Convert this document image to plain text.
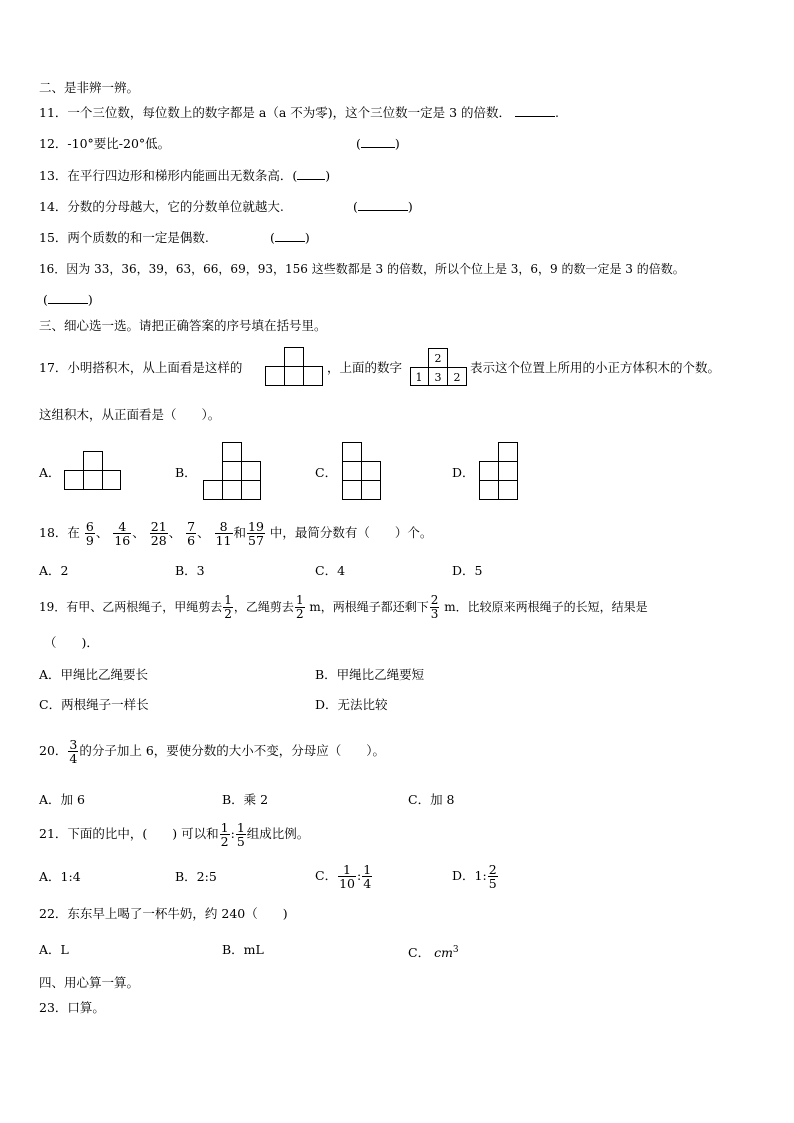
二、是非辨一辨。
11．一个三位数，每位数上的数字都是 a（a 不为零)，这个三位数一定是 3 的倍数．	.
12．-10°要比-20°低。	(	)
13．在平行四边形和梯形内能画出无数条高．( )
14．分数的分母越大，它的分数单位就越大.	(	)
15．两个质数的和一定是偶数.	( )
16．因为 33，36，39，63，66，69，93，156 这些数都是 3 的倍数，所以个位上是 3，6，9 的数一定是 3 的倍数。
(	)
三、细心选一选。请把正确答案的序号填在括号里。
17．小明搭积木，从上面看是这样的	，上面的数字
2
1 3 2
表示这个位置上所用的小正方体积木的个数。
这组积木，从正面看是（　　）。
A．	B．	C．	D．
18．在 $\frac{6}{9}$ 、 $\frac{4}{16}$ 、 $\frac{21}{28}$ 、 $\frac{7}{6}$ 、 $\frac{8}{11}$ 和 $\frac{19}{57}$ 中，最简分数有（　　）个。
A．2	B．3	C．4	D．5
19．有甲、乙两根绳子，甲绳剪去 $\frac{1}{2}$ ，乙绳剪去 $\frac{1}{2}$ m，两根绳子都还剩下 $\frac{2}{3}$ m．比较原来两根绳子的长短，结果是
（　　)．
A．甲绳比乙绳要长	B．甲绳比乙绳要短
C．两根绳子一样长	D．无法比较
20． $\frac{3}{4}$ 的分子加上 6，要使分数的大小不变，分母应（　　）。
A．加 6	B．乘 2	C．加 8
21．下面的比中，(　　) 可以和 $\frac{1}{2}$ : $\frac{1}{5}$ 组成比例。
A．1:4	B．2:5	C． $\frac{1}{10}$ : $\frac{1}{4}$	D．1: $\frac{2}{5}$
22．东东早上喝了一杯牛奶，约 240（　　)
A．L	B．mL	C． $cm^3$
四、用心算一算。
23．口算。
